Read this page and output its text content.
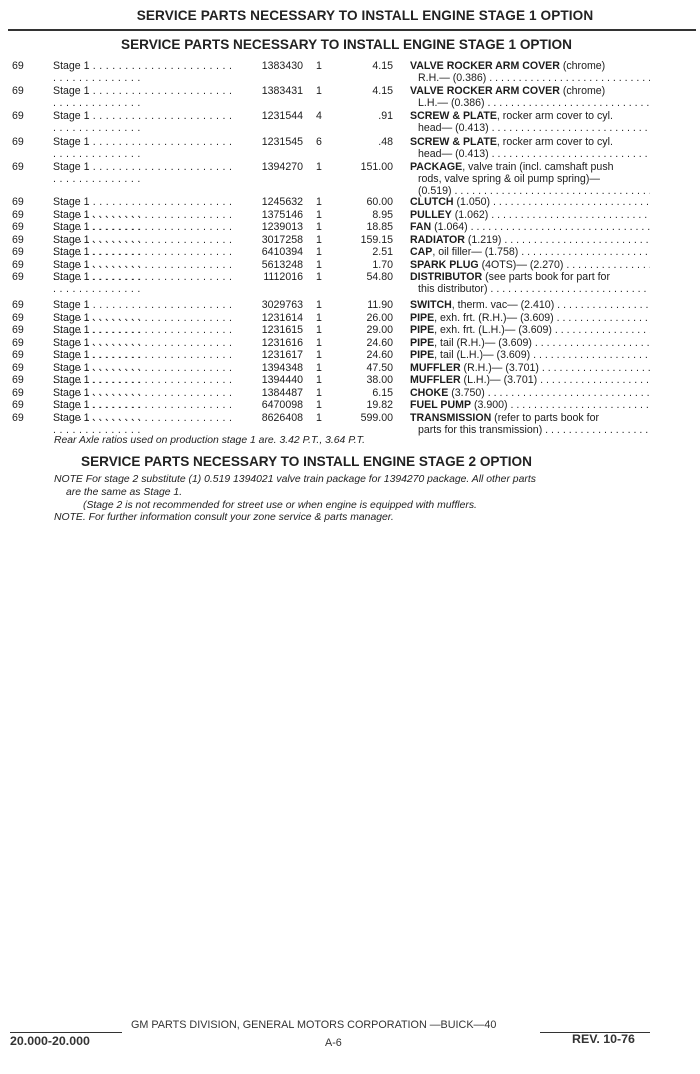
SERVICE PARTS NECESSARY TO INSTALL ENGINE STAGE 1 OPTION
SERVICE PARTS NECESSARY TO INSTALL ENGINE STAGE 1 OPTION
69	Stage 1 . . .	1383430 1	4.15 VALVE ROCKER ARM COVER (chrome)
R.H.— (0.386) . . .
69	Stage 1 . . .	1383431 1	4.15 VALVE ROCKER ARM COVER (chrome)
L.H.— (0.386) . . .
69	Stage 1 . . .	1231544 4	.91 SCREW & PLATE, rocker arm cover to cyl.
head— (0.413) . . .
69	Stage 1 . . .	1231545 6	.48 SCREW & PLATE, rocker arm cover to cyl.
head— (0.413) . . .
69	Stage 1 . . .	1394270 1	151.00 PACKAGE, valve train (incl. camshaft push
rods, valve spring & oil pump spring)—
(0.519) . . .
69	Stage 1 . . .	1245632 1	60.00 CLUTCH (1.050) . . .
69	Stage 1 . . .	1375146 1	8.95 PULLEY (1.062) . . .
69	Stage 1 . . .	1239013 1	18.85 FAN (1.064) . . .
69	Stage 1 . . .	3017258 1	159.15 RADIATOR (1.219) . . .
69	Stage 1 . . .	6410394 1	2.51 CAP, oil filler— (1.758) . . .
69	Stage 1 . . .	5613248 1	1.70 SPARK PLUG (4OTS)— (2.270) . . .
69	Stage 1 . . .	1112016 1	54.80 DISTRIBUTOR (see parts book for part for
this distributor) . . .
69	Stage 1 . . .	3029763 1	11.90 SWITCH, therm. vac— (2.410) . . .
69	Stage 1 . . .	1231614 1	26.00 PIPE, exh. frt. (R.H.)— (3.609) . . .
69	Stage 1 . . .	1231615 1	29.00 PIPE, exh. frt. (L.H.)— (3.609) . . .
69	Stage 1 . . .	1231616 1	24.60 PIPE, tail (R.H.)— (3.609) . . .
69	Stage 1 . . .	1231617 1	24.60 PIPE, tail (L.H.)— (3.609) . . .
69	Stage 1 . . .	1394348 1	47.50 MUFFLER (R.H.)— (3.701) . . .
69	Stage 1 . . .	1394440 1	38.00 MUFFLER (L.H.)— (3.701) . . .
69	Stage 1 . . .	1384487 1	6.15 CHOKE (3.750) . . .
69	Stage 1 . . .	6470098 1	19.82 FUEL PUMP (3.900) . . .
69	Stage 1 . . .	8626408 1	599.00 TRANSMISSION (refer to parts book for
parts for this transmission) . . .
Rear Axle ratios used on production stage 1 are. 3.42 P.T., 3.64 P.T.
SERVICE PARTS NECESSARY TO INSTALL ENGINE STAGE 2 OPTION
NOTE For stage 2 substitute (1) 0.519 1394021 valve train package for 1394270 package. All other parts
are the same as Stage 1.
(Stage 2 is not recommended for street use or when engine is equipped with mufflers.
NOTE. For further information consult your zone service & parts manager.
GM PARTS DIVISION, GENERAL MOTORS CORPORATION —BUICK—40
20.000-20.000	A-6	REV. 10-76
